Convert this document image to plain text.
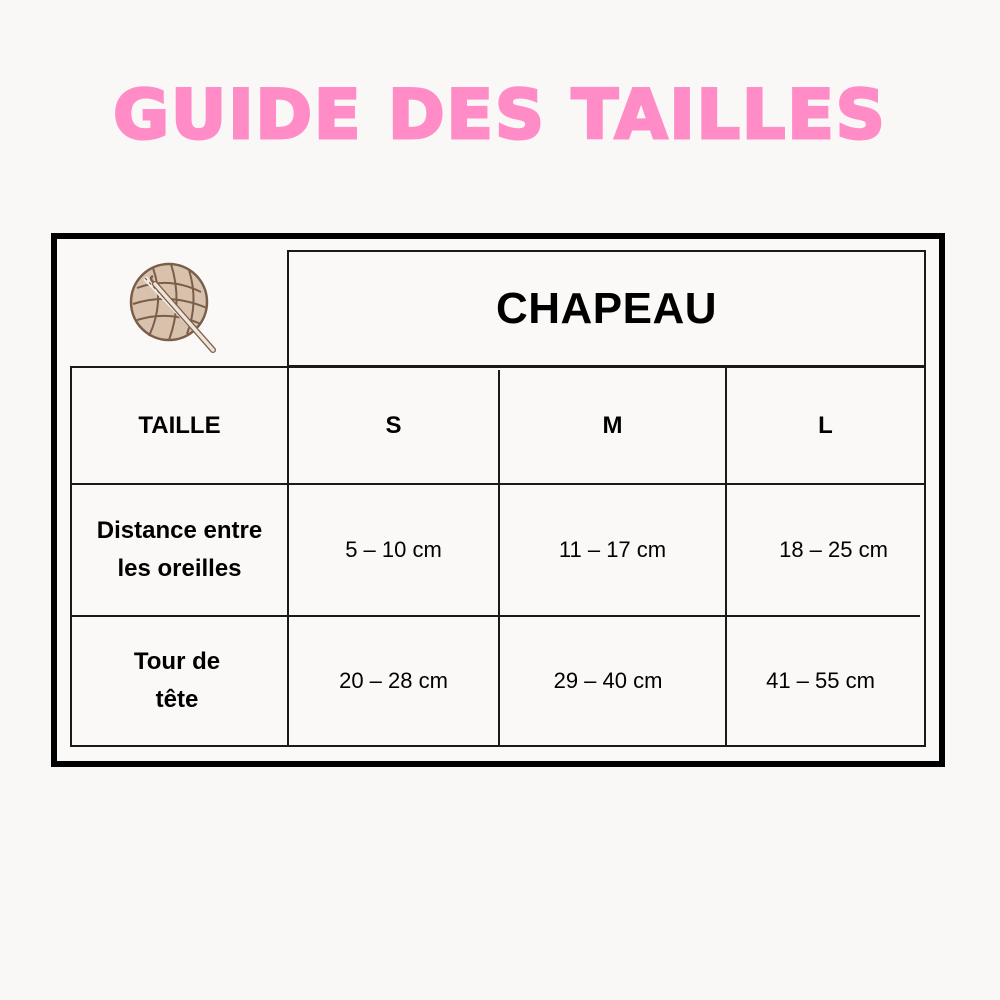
GUIDE DES TAILLES
CHAPEAU
TAILLE	S	M	L
Distance entre
les oreilles
5 – 10 cm	11 – 17 cm	18 – 25 cm
Tour de
tête
20 – 28 cm	29 – 40 cm	41 – 55 cm
